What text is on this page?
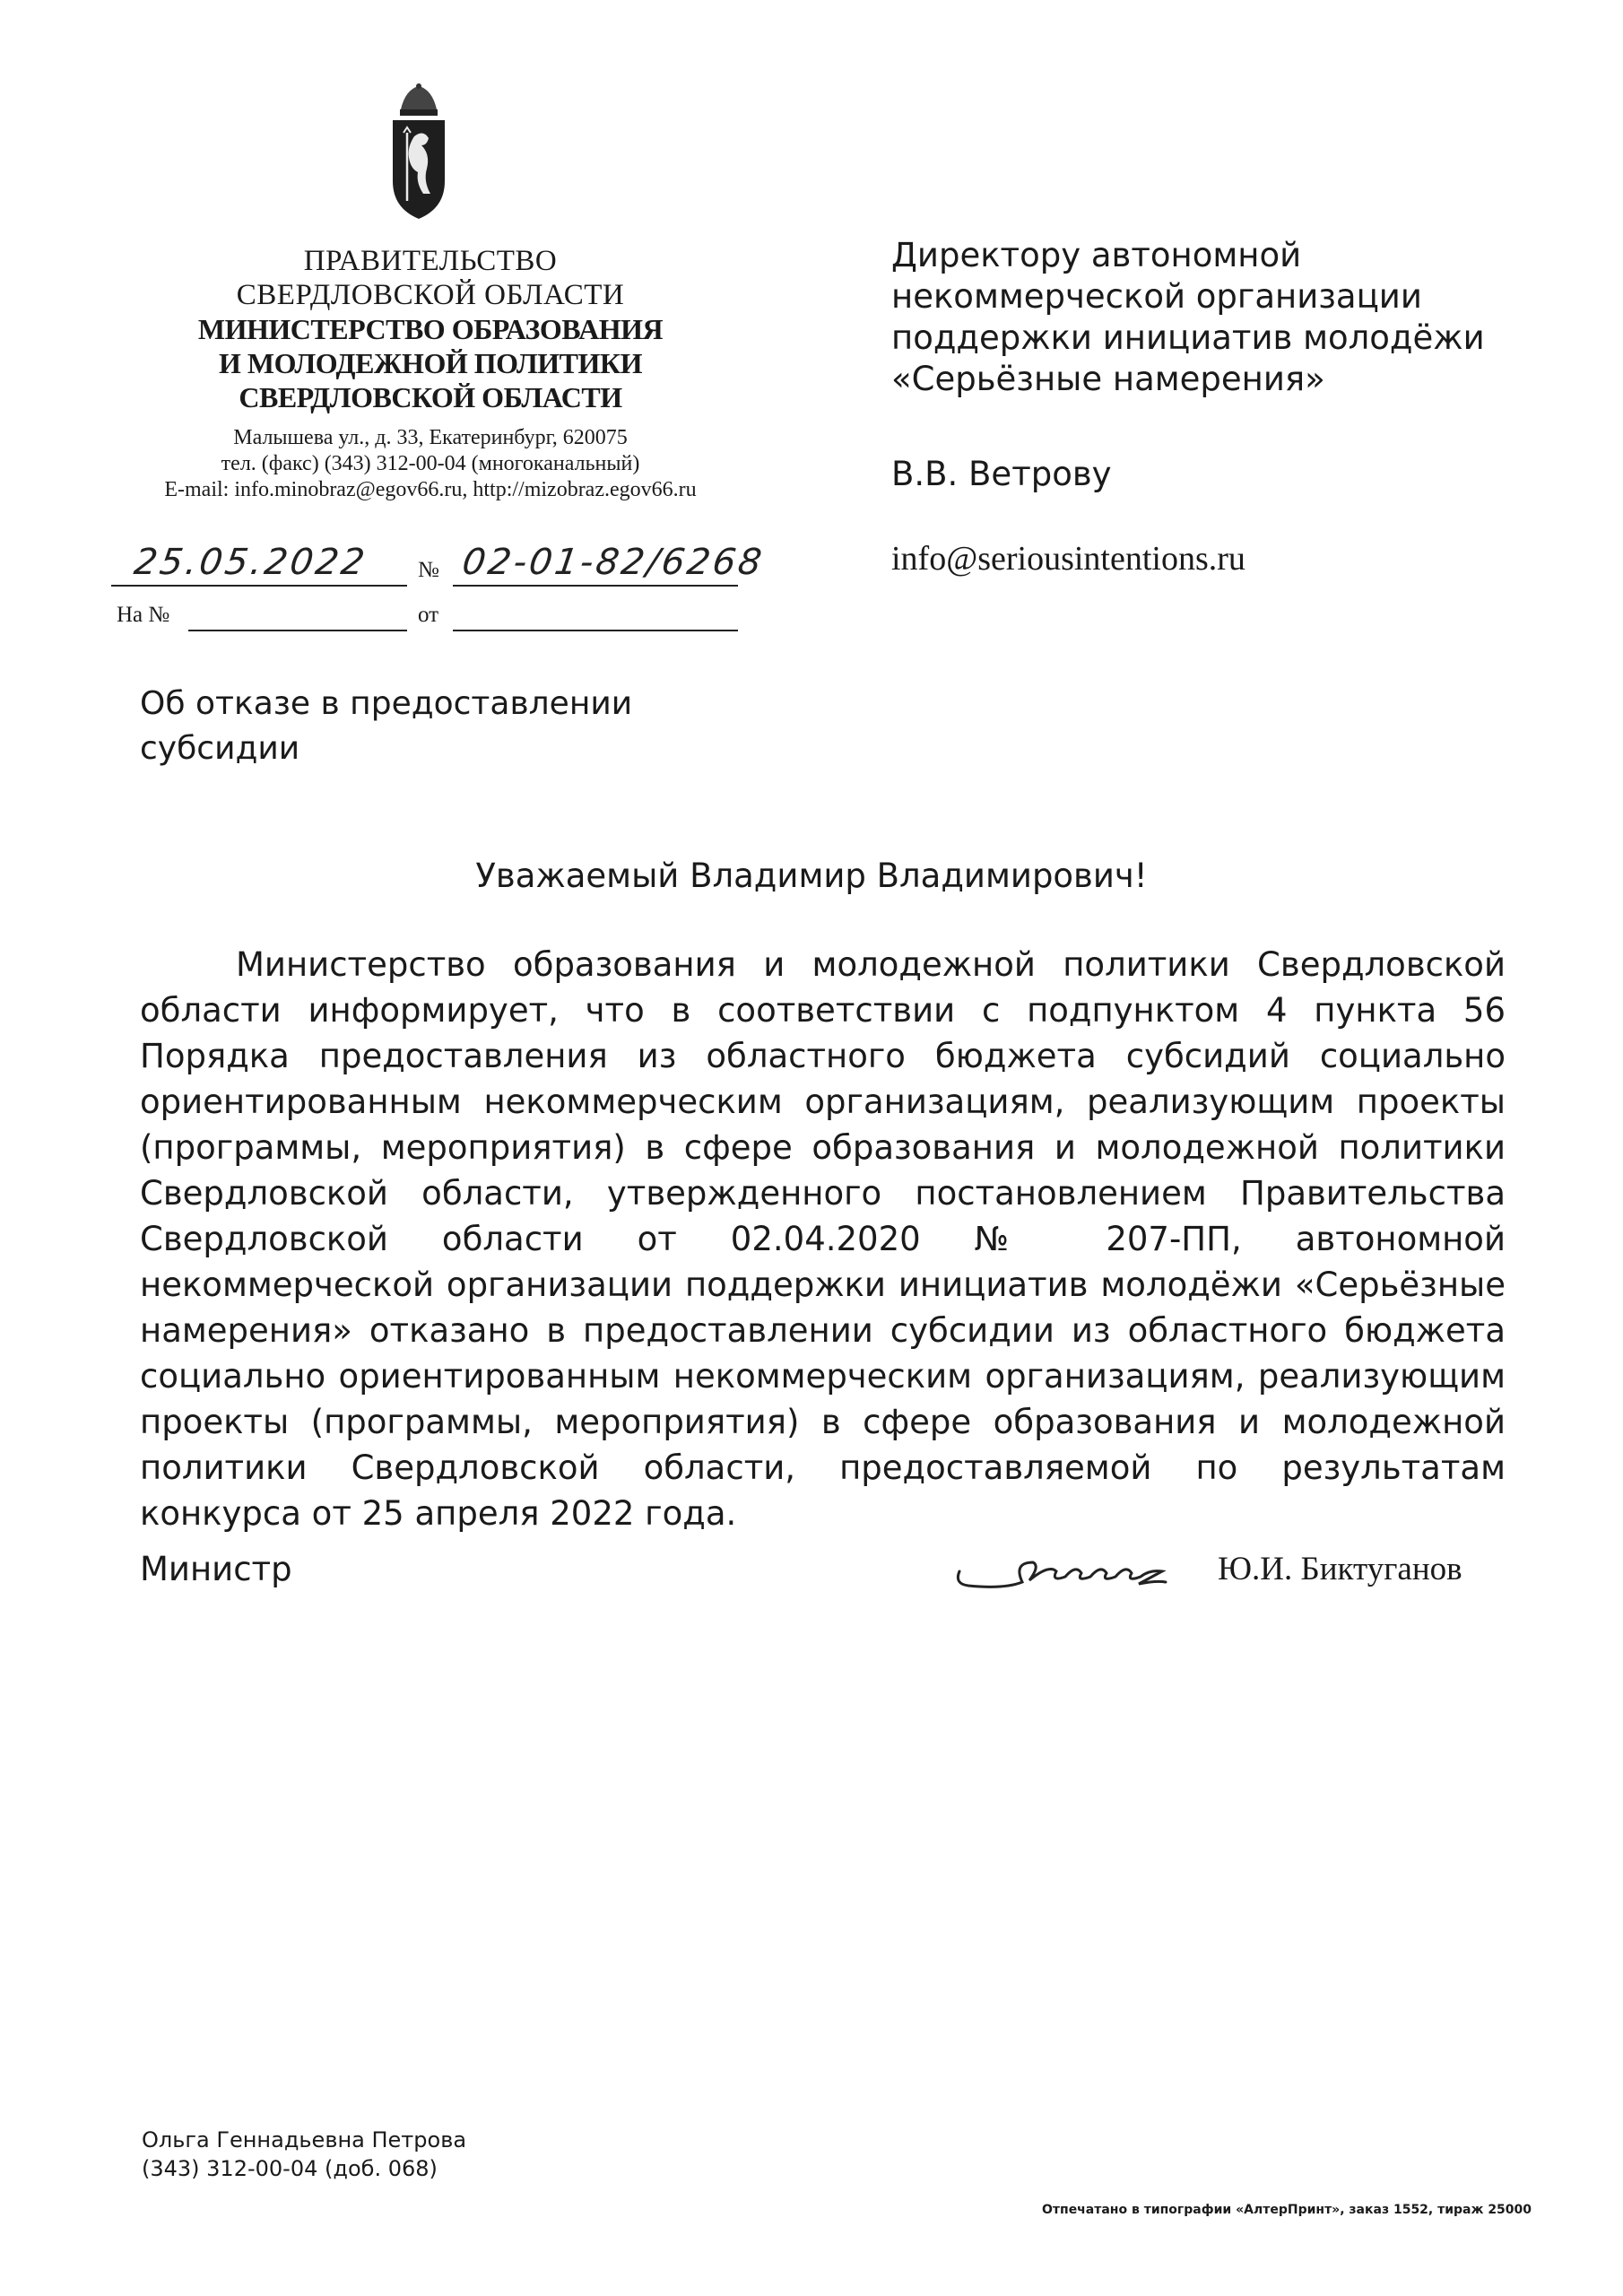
ПРАВИТЕЛЬСТВО

СВЕРДЛОВСКОЙ ОБЛАСТИ

МИНИСТЕРСТВО ОБРАЗОВАНИЯ

И МОЛОДЕЖНОЙ ПОЛИТИКИ

СВЕРДЛОВСКОЙ ОБЛАСТИ

Малышева ул., д. 33, Екатеринбург, 620075

тел. (факс) (343) 312-00-04 (многоканальный)

E-mail: info.minobraz@egov66.ru, http://mizobraz.egov66.ru

25.05.2022 № 02-01-82/6268
На №	от

Директору автономной

некоммерческой организации

поддержки инициатив молодёжи

«Серьёзные намерения»

В.В. Ветрову

info@seriousintentions.ru

Об отказе в предоставлении субсидии

Уважаемый Владимир Владимирович!

Министерство образования и молодежной политики Свердловской области информирует, что в соответствии с подпунктом 4 пункта 56 Порядка предоставления из областного бюджета субсидий социально ориентированным некоммерческим организациям, реализующим проекты (программы, мероприятия) в сфере образования и молодежной политики Свердловской области, утвержденного постановлением Правительства Свердловской области от 02.04.2020 № 207-ПП, автономной некоммерческой организации поддержки инициатив молодёжи «Серьёзные намерения» отказано в предоставлении субсидии из областного бюджета социально ориентированным некоммерческим организациям, реализующим проекты (программы, мероприятия) в сфере образования и молодежной политики Свердловской области, предоставляемой по результатам конкурса от 25 апреля 2022 года.

Министр	Ю.И. Биктуганов
Ольга Геннадьевна Петрова
(343) 312-00-04 (доб. 068)
Отпечатано в типографии «АлтерПринт», заказ 1552, тираж 25000
